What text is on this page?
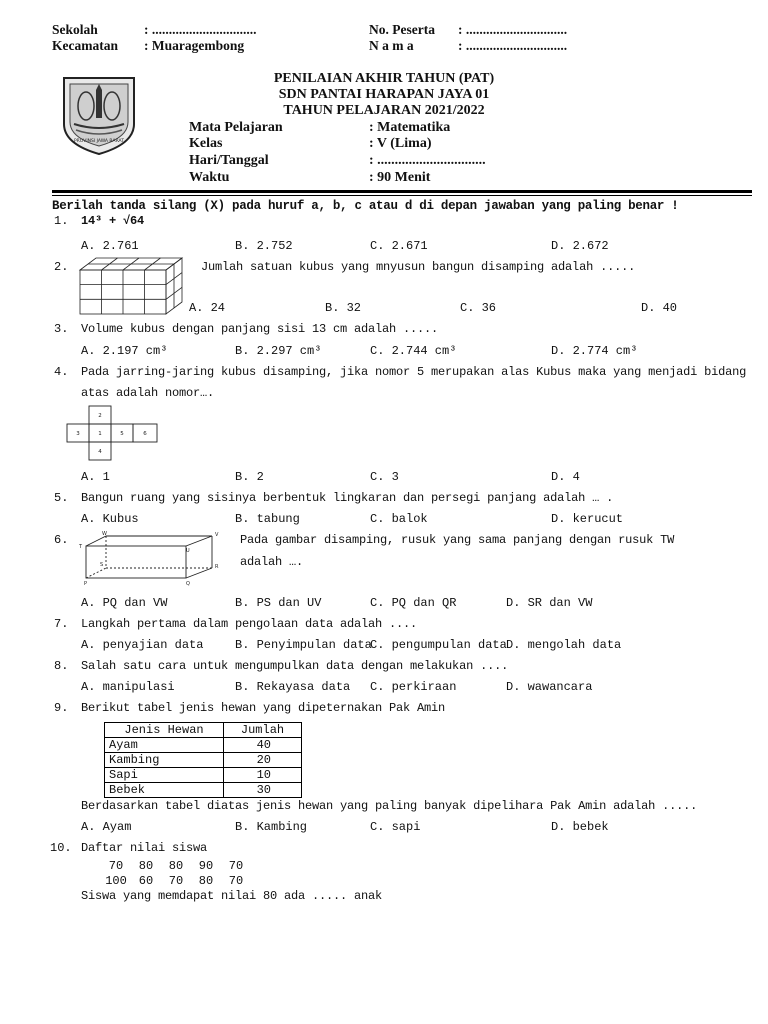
Sekolah	: ...............................
Kecamatan : Muaragembong
No. Peserta : ..............................
N a m a	: ..............................
PROVINSI JAWA BARAT
PENILAIAN AKHIR TAHUN (PAT)
SDN PANTAI HARAPAN JAYA 01
TAHUN PELAJARAN 2021/2022
Mata Pelajaran	: Matematika
Kelas	: V (Lima)
Hari/Tanggal	: ...............................
Waktu	: 90 Menit
Berilah tanda silang (X) pada huruf a, b, c atau d di depan jawaban yang paling benar !
1. 14³ + √64
A. 2.761	B. 2.752	C. 2.671	D. 2.672
2.	Jumlah satuan kubus yang mnyusun bangun disamping adalah .....
A. 24	B. 32	C. 36	D. 40
3. Volume kubus dengan panjang sisi 13 cm adalah .....
A. 2.197 cm³	B. 2.297 cm³	C. 2.744 cm³	D. 2.774 cm³
4. Pada jarring-jaring kubus disamping, jika nomor 5 merupakan alas Kubus maka yang menjadi bidang
atas adalah nomor….
2
3	1	5	6
4
A. 1	B. 2	C. 3	D. 4
5. Bangun ruang yang sisinya berbentuk lingkaran dan persegi panjang adalah … .
A. Kubus	B. tabung	C. balok	D. kerucut
6.	W	V
T
U
S	R
P	Q
Pada gambar disamping, rusuk yang sama panjang dengan rusuk TW
adalah ….
A. PQ dan VW	B. PS dan UV	C. PQ dan QR	D. SR dan VW
7. Langkah pertama dalam pengolaan data adalah ....
A. penyajian data	B. Penyimpulan data
C. pengumpulan data D. mengolah data
8. Salah satu cara untuk mengumpulkan data dengan melakukan ....
A. manipulasi	B. Rekayasa data C. perkiraan	D. wawancara
9. Berikut tabel jenis hewan yang dipeternakan Pak Amin
Jenis Hewan	Jumlah
Ayam	40
Kambing	20
Sapi	10
Bebek	30
Berdasarkan tabel diatas jenis hewan yang paling banyak dipelihara Pak Amin adalah .....
A. Ayam	B. Kambing	C. sapi	D. bebek
10. Daftar nilai siswa
70 80 80 90 70
100 60 70 80 70
Siswa yang memdapat nilai 80 ada ..... anak
